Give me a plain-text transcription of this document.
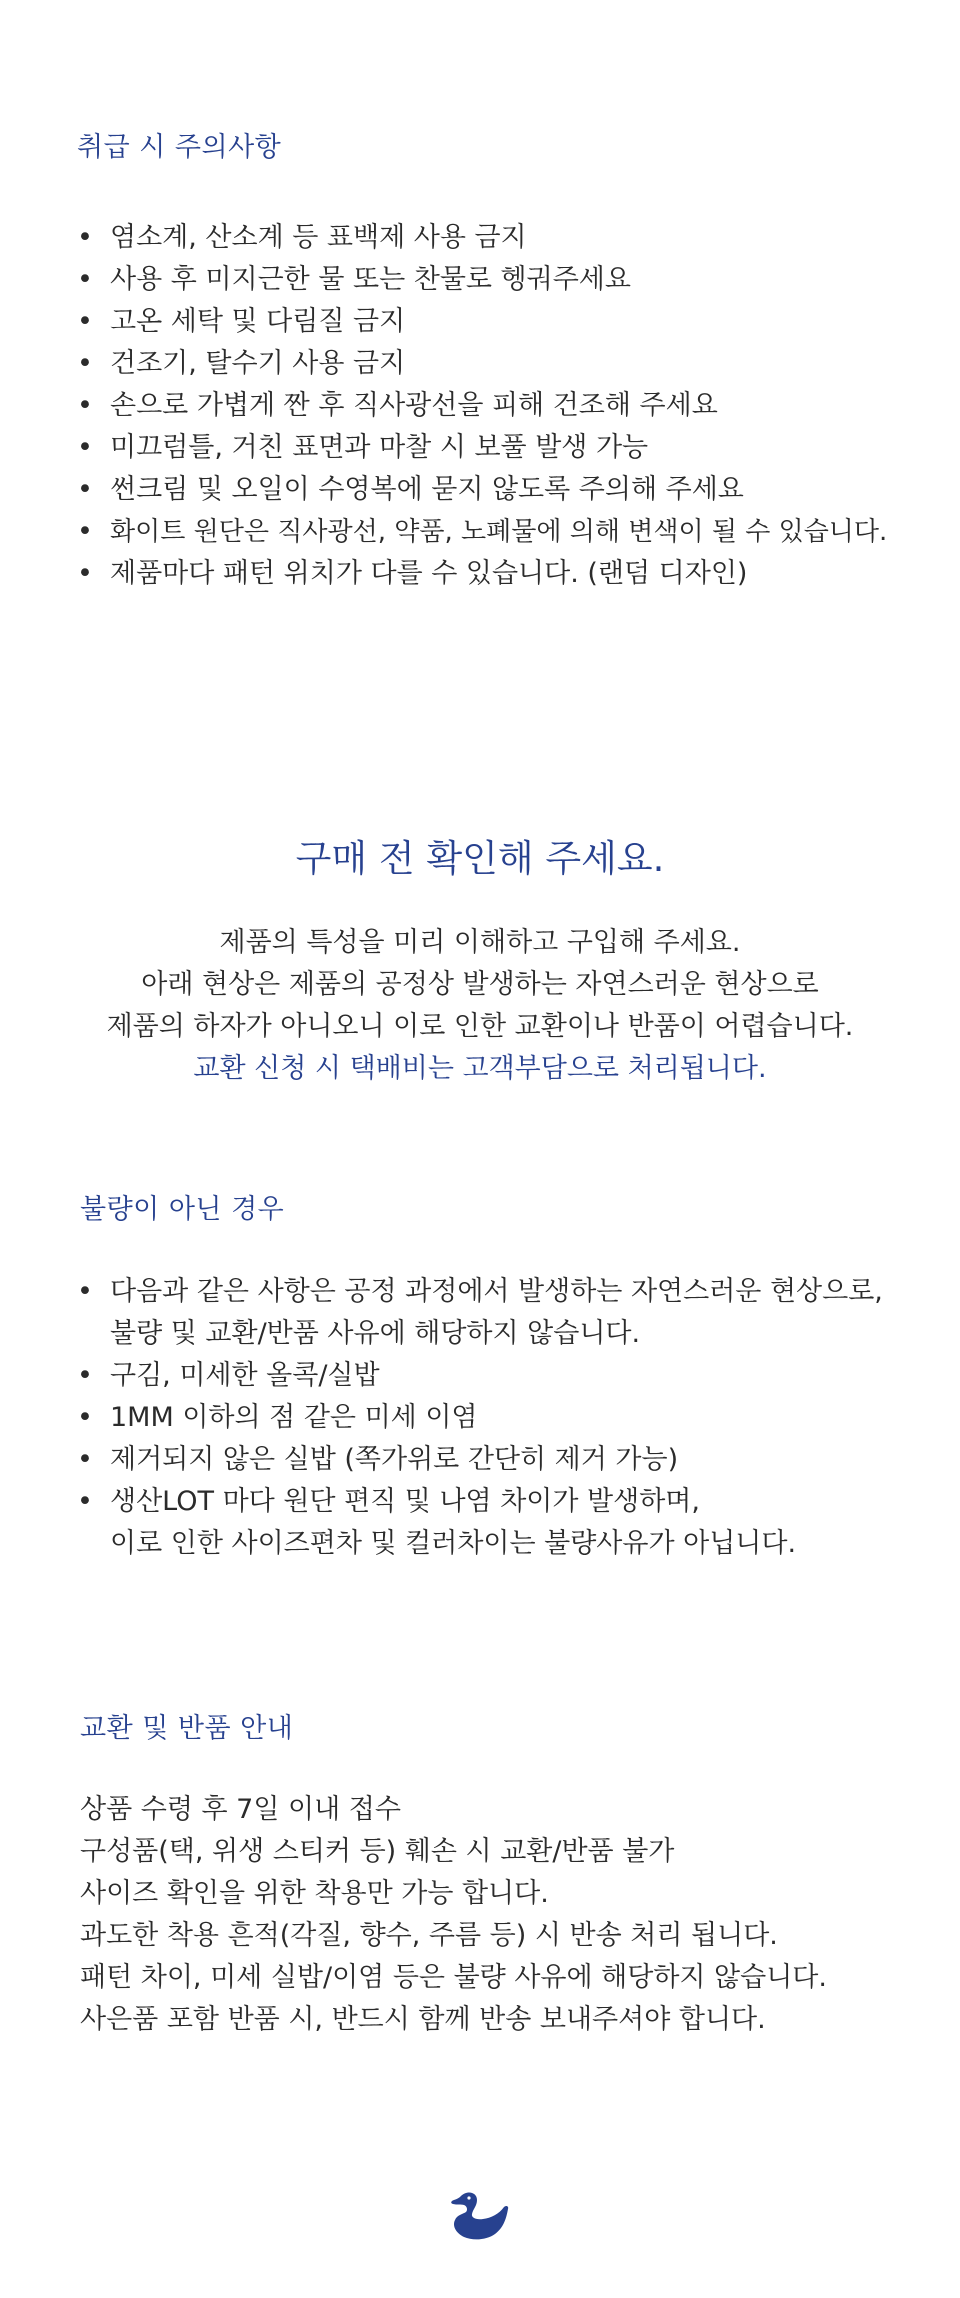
취급 시 주의사항
• 염소계, 산소계 등 표백제 사용 금지
• 사용 후 미지근한 물 또는 찬물로 헹궈주세요
• 고온 세탁 및 다림질 금지
• 건조기, 탈수기 사용 금지
• 손으로 가볍게 짠 후 직사광선을 피해 건조해 주세요
• 미끄럼틀, 거친 표면과 마찰 시 보풀 발생 가능
• 썬크림 및 오일이 수영복에 묻지 않도록 주의해 주세요
• 화이트 원단은 직사광선, 약품, 노폐물에 의해 변색이 될 수 있습니다.
• 제품마다 패턴 위치가 다를 수 있습니다. (랜덤 디자인)
구매 전 확인해 주세요.
제품의 특성을 미리 이해하고 구입해 주세요.
아래 현상은 제품의 공정상 발생하는 자연스러운 현상으로
제품의 하자가 아니오니 이로 인한 교환이나 반품이 어렵습니다.
교환 신청 시 택배비는 고객부담으로 처리됩니다.
불량이 아닌 경우
• 다음과 같은 사항은 공정 과정에서 발생하는 자연스러운 현상으로,
불량 및 교환/반품 사유에 해당하지 않습니다.
• 구김, 미세한 올콕/실밥
• 1MM 이하의 점 같은 미세 이염
• 제거되지 않은 실밥 (쪽가위로 간단히 제거 가능)
• 생산LOT 마다 원단 편직 및 나염 차이가 발생하며,
이로 인한 사이즈편차 및 컬러차이는 불량사유가 아닙니다.
교환 및 반품 안내
상품 수령 후 7일 이내 접수
구성품(택, 위생 스티커 등) 훼손 시 교환/반품 불가
사이즈 확인을 위한 착용만 가능 합니다.
과도한 착용 흔적(각질, 향수, 주름 등) 시 반송 처리 됩니다.
패턴 차이, 미세 실밥/이염 등은 불량 사유에 해당하지 않습니다.
사은품 포함 반품 시, 반드시 함께 반송 보내주셔야 합니다.
